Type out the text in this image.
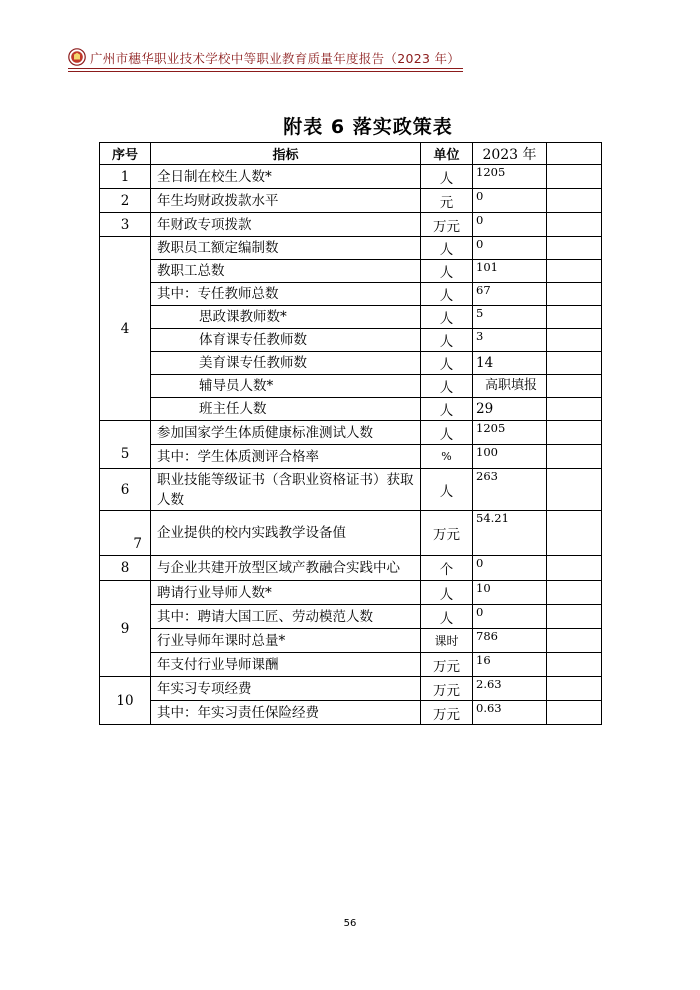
广州市穗华职业技术学校中等职业教育质量年度报告（2023 年）
附表 6 落实政策表
序号	指标	单位	2023 年	
1	全日制在校生人数*	人	1205	
2	年生均财政拨款水平	元	0	
3	年财政专项拨款	万元	0	
4	教职员工额定编制数	人	0	
	教职工总数	人	101	
	其中：专任教师总数	人	67	
	思政课教师数*	人	5	
	体育课专任教师数	人	3	
	美育课专任教师数	人	14	
	辅导员人数*	人	高职填报	
	班主任人数	人	29	
5	参加国家学生体质健康标准测试人数	人	1205	
	其中：学生体质测评合格率	%	100	
6	职业技能等级证书（含职业资格证书）获取人数	人	263	
7	企业提供的校内实践教学设备值	万元	54.21	
8	与企业共建开放型区域产教融合实践中心	个	0	
9	聘请行业导师人数*	人	10	
	其中：聘请大国工匠、劳动模范人数	人	0	
	行业导师年课时总量*	课时	786	
	年支付行业导师课酬	万元	16	
10	年实习专项经费	万元	2.63	
	其中：年实习责任保险经费	万元	0.63	
56
